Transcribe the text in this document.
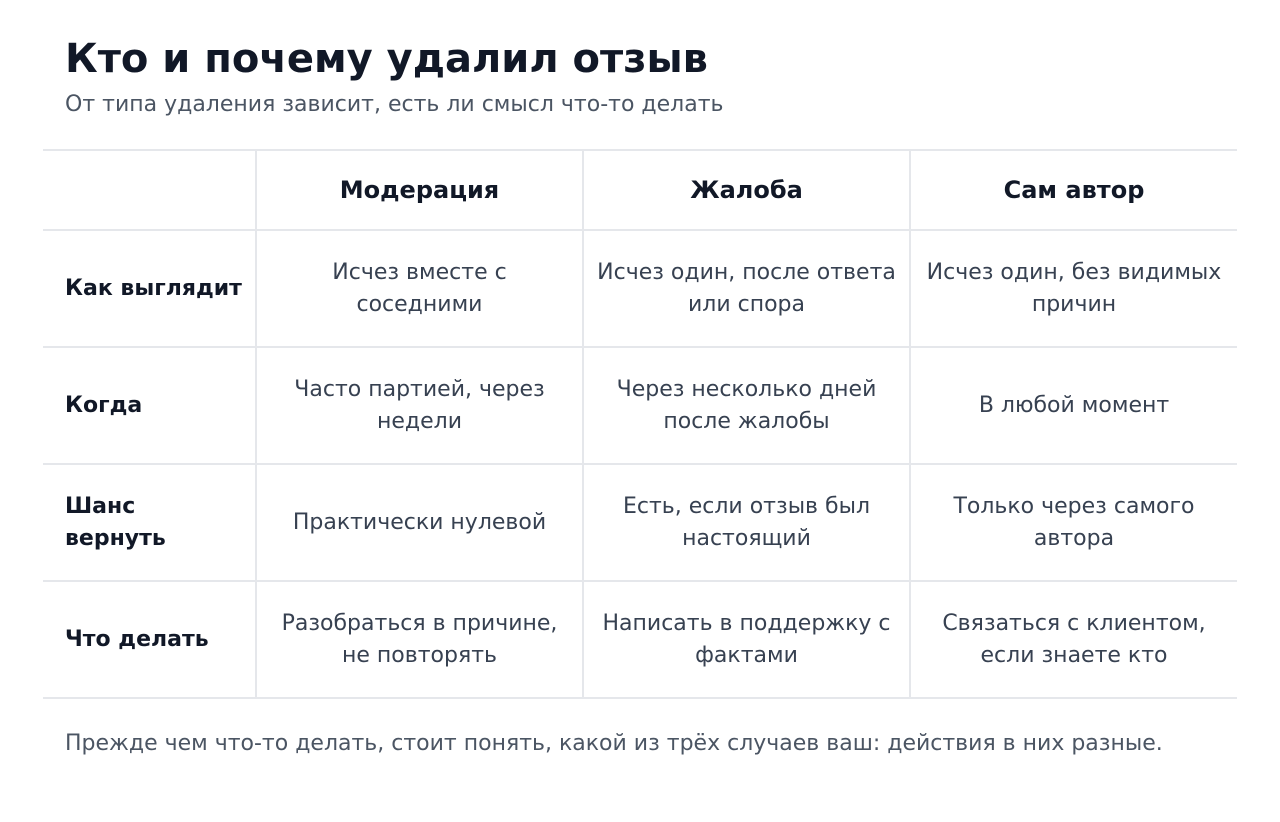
Кто и почему удалил отзыв

От типа удаления зависит, есть ли смысл что-то делать

	Модерация	Жалоба	Сам автор
Как выглядит	Исчез вместе с соседними	Исчез один, после ответа или спора	Исчез один, без видимых причин
Когда	Часто партией, через недели	Через несколько дней после жалобы	В любой момент
Шанс вернуть	Практически нулевой	Есть, если отзыв был настоящий	Только через самого автора
Что делать	Разобраться в причине, не повторять	Написать в поддержку с фактами	Связаться с клиентом, если знаете кто

Прежде чем что-то делать, стоит понять, какой из трёх случаев ваш: действия в них разные.
